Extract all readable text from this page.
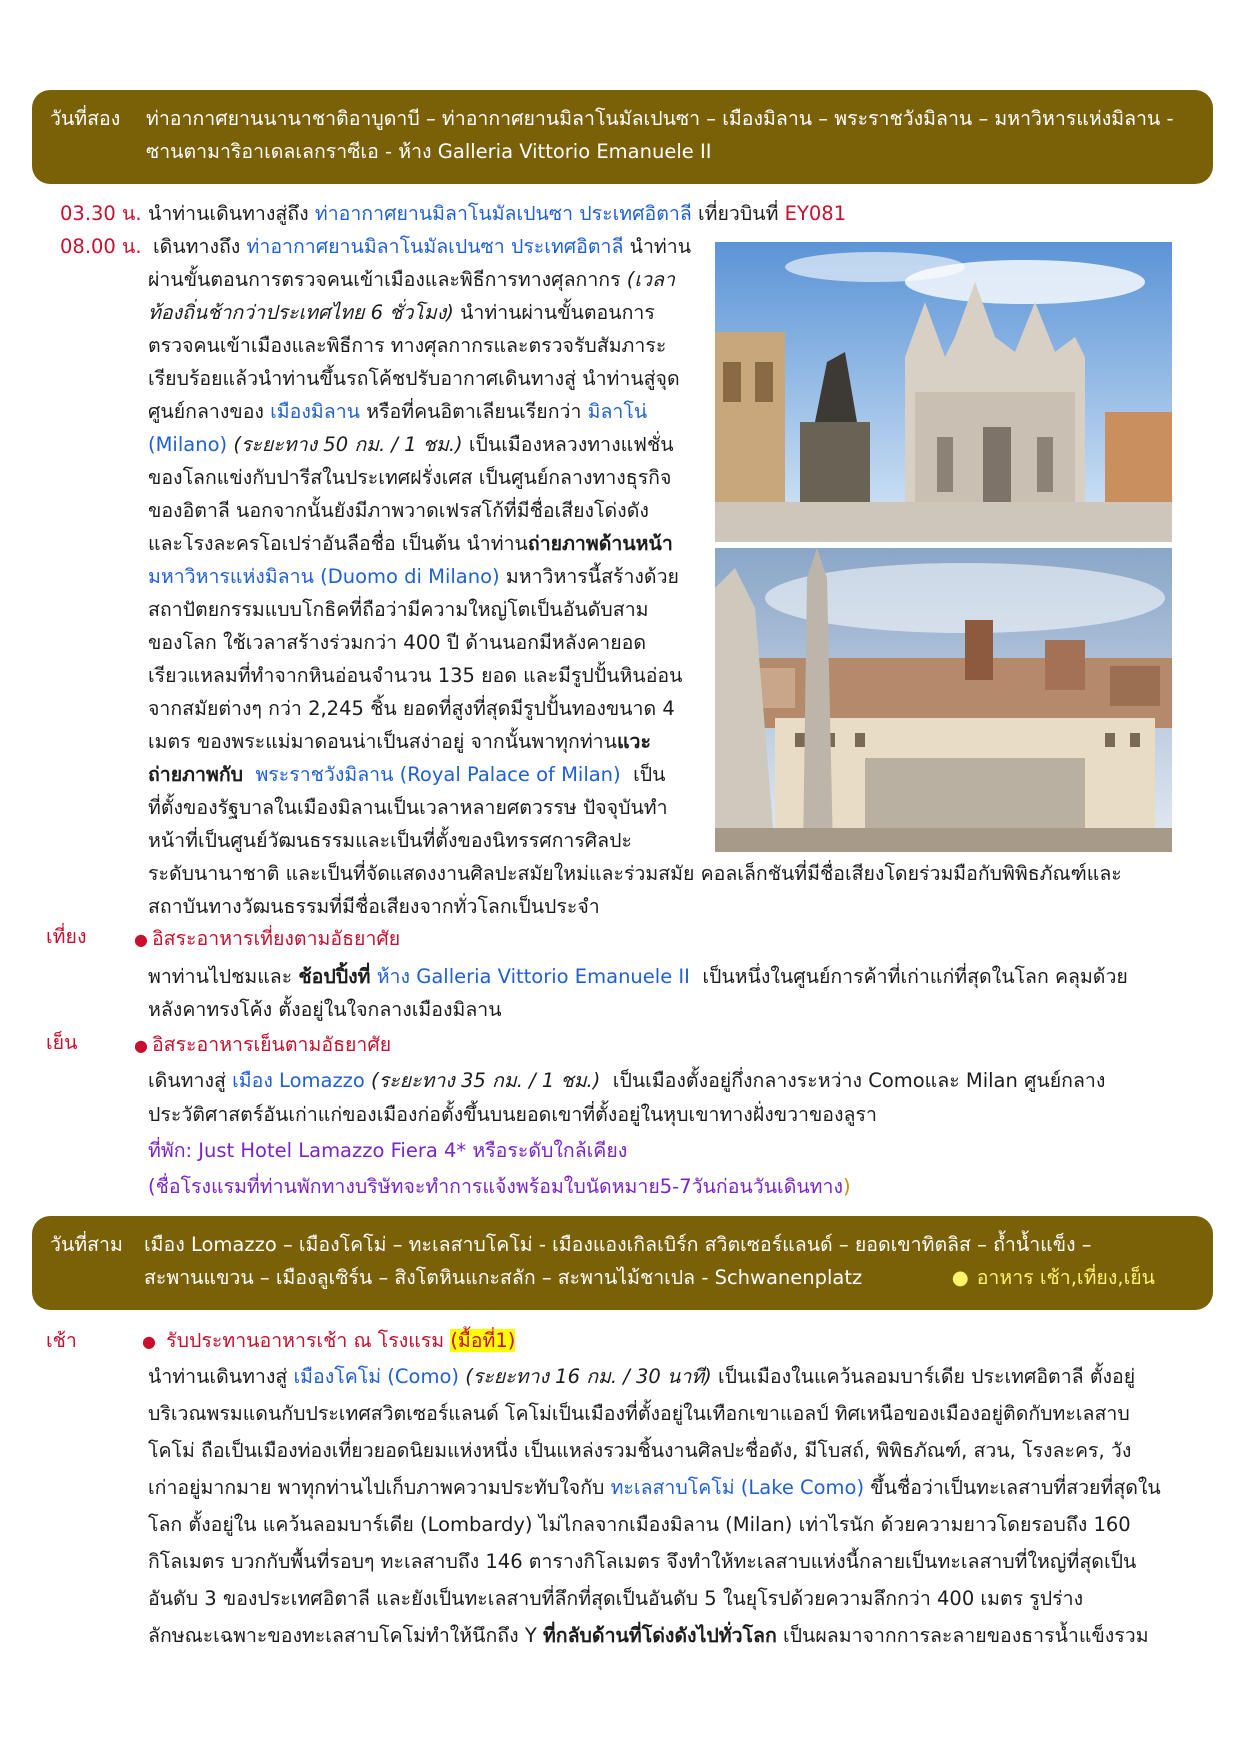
วันที่สอง ท่าอากาศยานนานาชาติอาบูดาบี – ท่าอากาศยานมิลาโนมัลเปนซา – เมืองมิลาน – พระราชวังมิลาน – มหาวิหารแห่งมิลาน -
ซานตามาริอาเดลเลกราซีเอ - ห้าง Galleria Vittorio Emanuele II
03.30 น. นำท่านเดินทางสู่ถึง ท่าอากาศยานมิลาโนมัลเปนซา ประเทศอิตาลี เที่ยวบินที่ EY081
08.00 น. เดินทางถึง ท่าอากาศยานมิลาโนมัลเปนซา ประเทศอิตาลี นำท่าน
ผ่านขั้นตอนการตรวจคนเข้าเมืองและพิธีการทางศุลกากร (เวลา
ท้องถิ่นช้ากว่าประเทศไทย 6 ชั่วโมง) นำท่านผ่านขั้นตอนการ
ตรวจคนเข้าเมืองและพิธีการ ทางศุลกากรและตรวจรับสัมภาระ
เรียบร้อยแล้วนำท่านขึ้นรถโค้ชปรับอากาศเดินทางสู่ นำท่านสู่จุด
ศูนย์กลางของ เมืองมิลาน หรือที่คนอิตาเลียนเรียกว่า มิลาโน่
(Milano) (ระยะทาง 50 กม. / 1 ชม.) เป็นเมืองหลวงทางแฟชั่น
ของโลกแข่งกับปารีสในประเทศฝรั่งเศส เป็นศูนย์กลางทางธุรกิจ
ของอิตาลี นอกจากนั้นยังมีภาพวาดเฟรสโก้ที่มีชื่อเสียงโด่งดัง
และโรงละครโอเปร่าอันลือชื่อ เป็นต้น นำท่านถ่ายภาพด้านหน้า
มหาวิหารแห่งมิลาน (Duomo di Milano) มหาวิหารนี้สร้างด้วย
สถาปัตยกรรมแบบโกธิคที่ถือว่ามีความใหญ่โตเป็นอันดับสาม
ของโลก ใช้เวลาสร้างร่วมกว่า 400 ปี ด้านนอกมีหลังคายอด
เรียวแหลมที่ทำจากหินอ่อนจำนวน 135 ยอด และมีรูปปั้นหินอ่อน
จากสมัยต่างๆ กว่า 2,245 ชิ้น ยอดที่สูงที่สุดมีรูปปั้นทองขนาด 4
เมตร ของพระแม่มาดอนน่าเป็นสง่าอยู่ จากนั้นพาทุกท่านแวะ
ถ่ายภาพกับ พระราชวังมิลาน (Royal Palace of Milan) เป็น
ที่ตั้งของรัฐบาลในเมืองมิลานเป็นเวลาหลายศตวรรษ ปัจจุบันทำ
หน้าที่เป็นศูนย์วัฒนธรรมและเป็นที่ตั้งของนิทรรศการศิลปะ
ระดับนานาชาติ และเป็นที่จัดแสดงงานศิลปะสมัยใหม่และร่วมสมัย คอลเล็กชันที่มีชื่อเสียงโดยร่วมมือกับพิพิธภัณฑ์และ
สถาบันทางวัฒนธรรมที่มีชื่อเสียงจากทั่วโลกเป็นประจำ
เที่ยง	● อิสระอาหารเที่ยงตามอัธยาศัย
พาท่านไปชมและ ช้อปปิ้งที่ ห้าง Galleria Vittorio Emanuele II เป็นหนึ่งในศูนย์การค้าที่เก่าแก่ที่สุดในโลก คลุมด้วย
หลังคาทรงโค้ง ตั้งอยู่ในใจกลางเมืองมิลาน
เย็น	● อิสระอาหารเย็นตามอัธยาศัย
เดินทางสู่ เมือง Lomazzo (ระยะทาง 35 กม. / 1 ชม.) เป็นเมืองตั้งอยู่กึ่งกลางระหว่าง Comoและ Milan ศูนย์กลาง
ประวัติศาสตร์อันเก่าแก่ของเมืองก่อตั้งขึ้นบนยอดเขาที่ตั้งอยู่ในหุบเขาทางฝั่งขวาของลูรา
ที่พัก: Just Hotel Lamazzo Fiera 4* หรือระดับใกล้เคียง
(ชื่อโรงแรมที่ท่านพักทางบริษัทจะทำการแจ้งพร้อมใบนัดหมาย5-7วันก่อนวันเดินทาง)
วันที่สาม เมือง Lomazzo – เมืองโคโม่ – ทะเลสาบโคโม่ - เมืองแองเกิลเบิร์ก สวิตเซอร์แลนด์ – ยอดเขาทิตลิส – ถ้ำน้ำแข็ง –
สะพานแขวน – เมืองลูเซิร์น – สิงโตหินแกะสลัก – สะพานไม้ชาเปล - Schwanenplatz	● อาหาร เช้า,เที่ยง,เย็น
เช้า	● รับประทานอาหารเช้า ณ โรงแรม (มื้อที่1)
นำท่านเดินทางสู่ เมืองโคโม่ (Como) (ระยะทาง 16 กม. / 30 นาที) เป็นเมืองในแคว้นลอมบาร์เดีย ประเทศอิตาลี ตั้งอยู่
บริเวณพรมแดนกับประเทศสวิตเซอร์แลนด์ โคโม่เป็นเมืองที่ตั้งอยู่ในเทือกเขาแอลป์ ทิศเหนือของเมืองอยู่ติดกับทะเลสาบ
โคโม่ ถือเป็นเมืองท่องเที่ยวยอดนิยมแห่งหนึ่ง เป็นแหล่งรวมชิ้นงานศิลปะชื่อดัง, มีโบสถ์, พิพิธภัณฑ์, สวน, โรงละคร, วัง
เก่าอยู่มากมาย พาทุกท่านไปเก็บภาพความประทับใจกับ ทะเลสาบโคโม่ (Lake Como) ขึ้นชื่อว่าเป็นทะเลสาบที่สวยที่สุดใน
โลก ตั้งอยู่ใน แคว้นลอมบาร์เดีย (Lombardy) ไม่ไกลจากเมืองมิลาน (Milan) เท่าไรนัก ด้วยความยาวโดยรอบถึง 160
กิโลเมตร บวกกับพื้นที่รอบๆ ทะเลสาบถึง 146 ตารางกิโลเมตร จึงทำให้ทะเลสาบแห่งนี้กลายเป็นทะเลสาบที่ใหญ่ที่สุดเป็น
อันดับ 3 ของประเทศอิตาลี และยังเป็นทะเลสาบที่ลึกที่สุดเป็นอันดับ 5 ในยุโรปด้วยความลึกกว่า 400 เมตร รูปร่าง
ลักษณะเฉพาะของทะเลสาบโคโม่ทำให้นึกถึง Y ที่กลับด้านที่โด่งดังไปทั่วโลก เป็นผลมาจากการละลายของธารน้ำแข็งรวม
